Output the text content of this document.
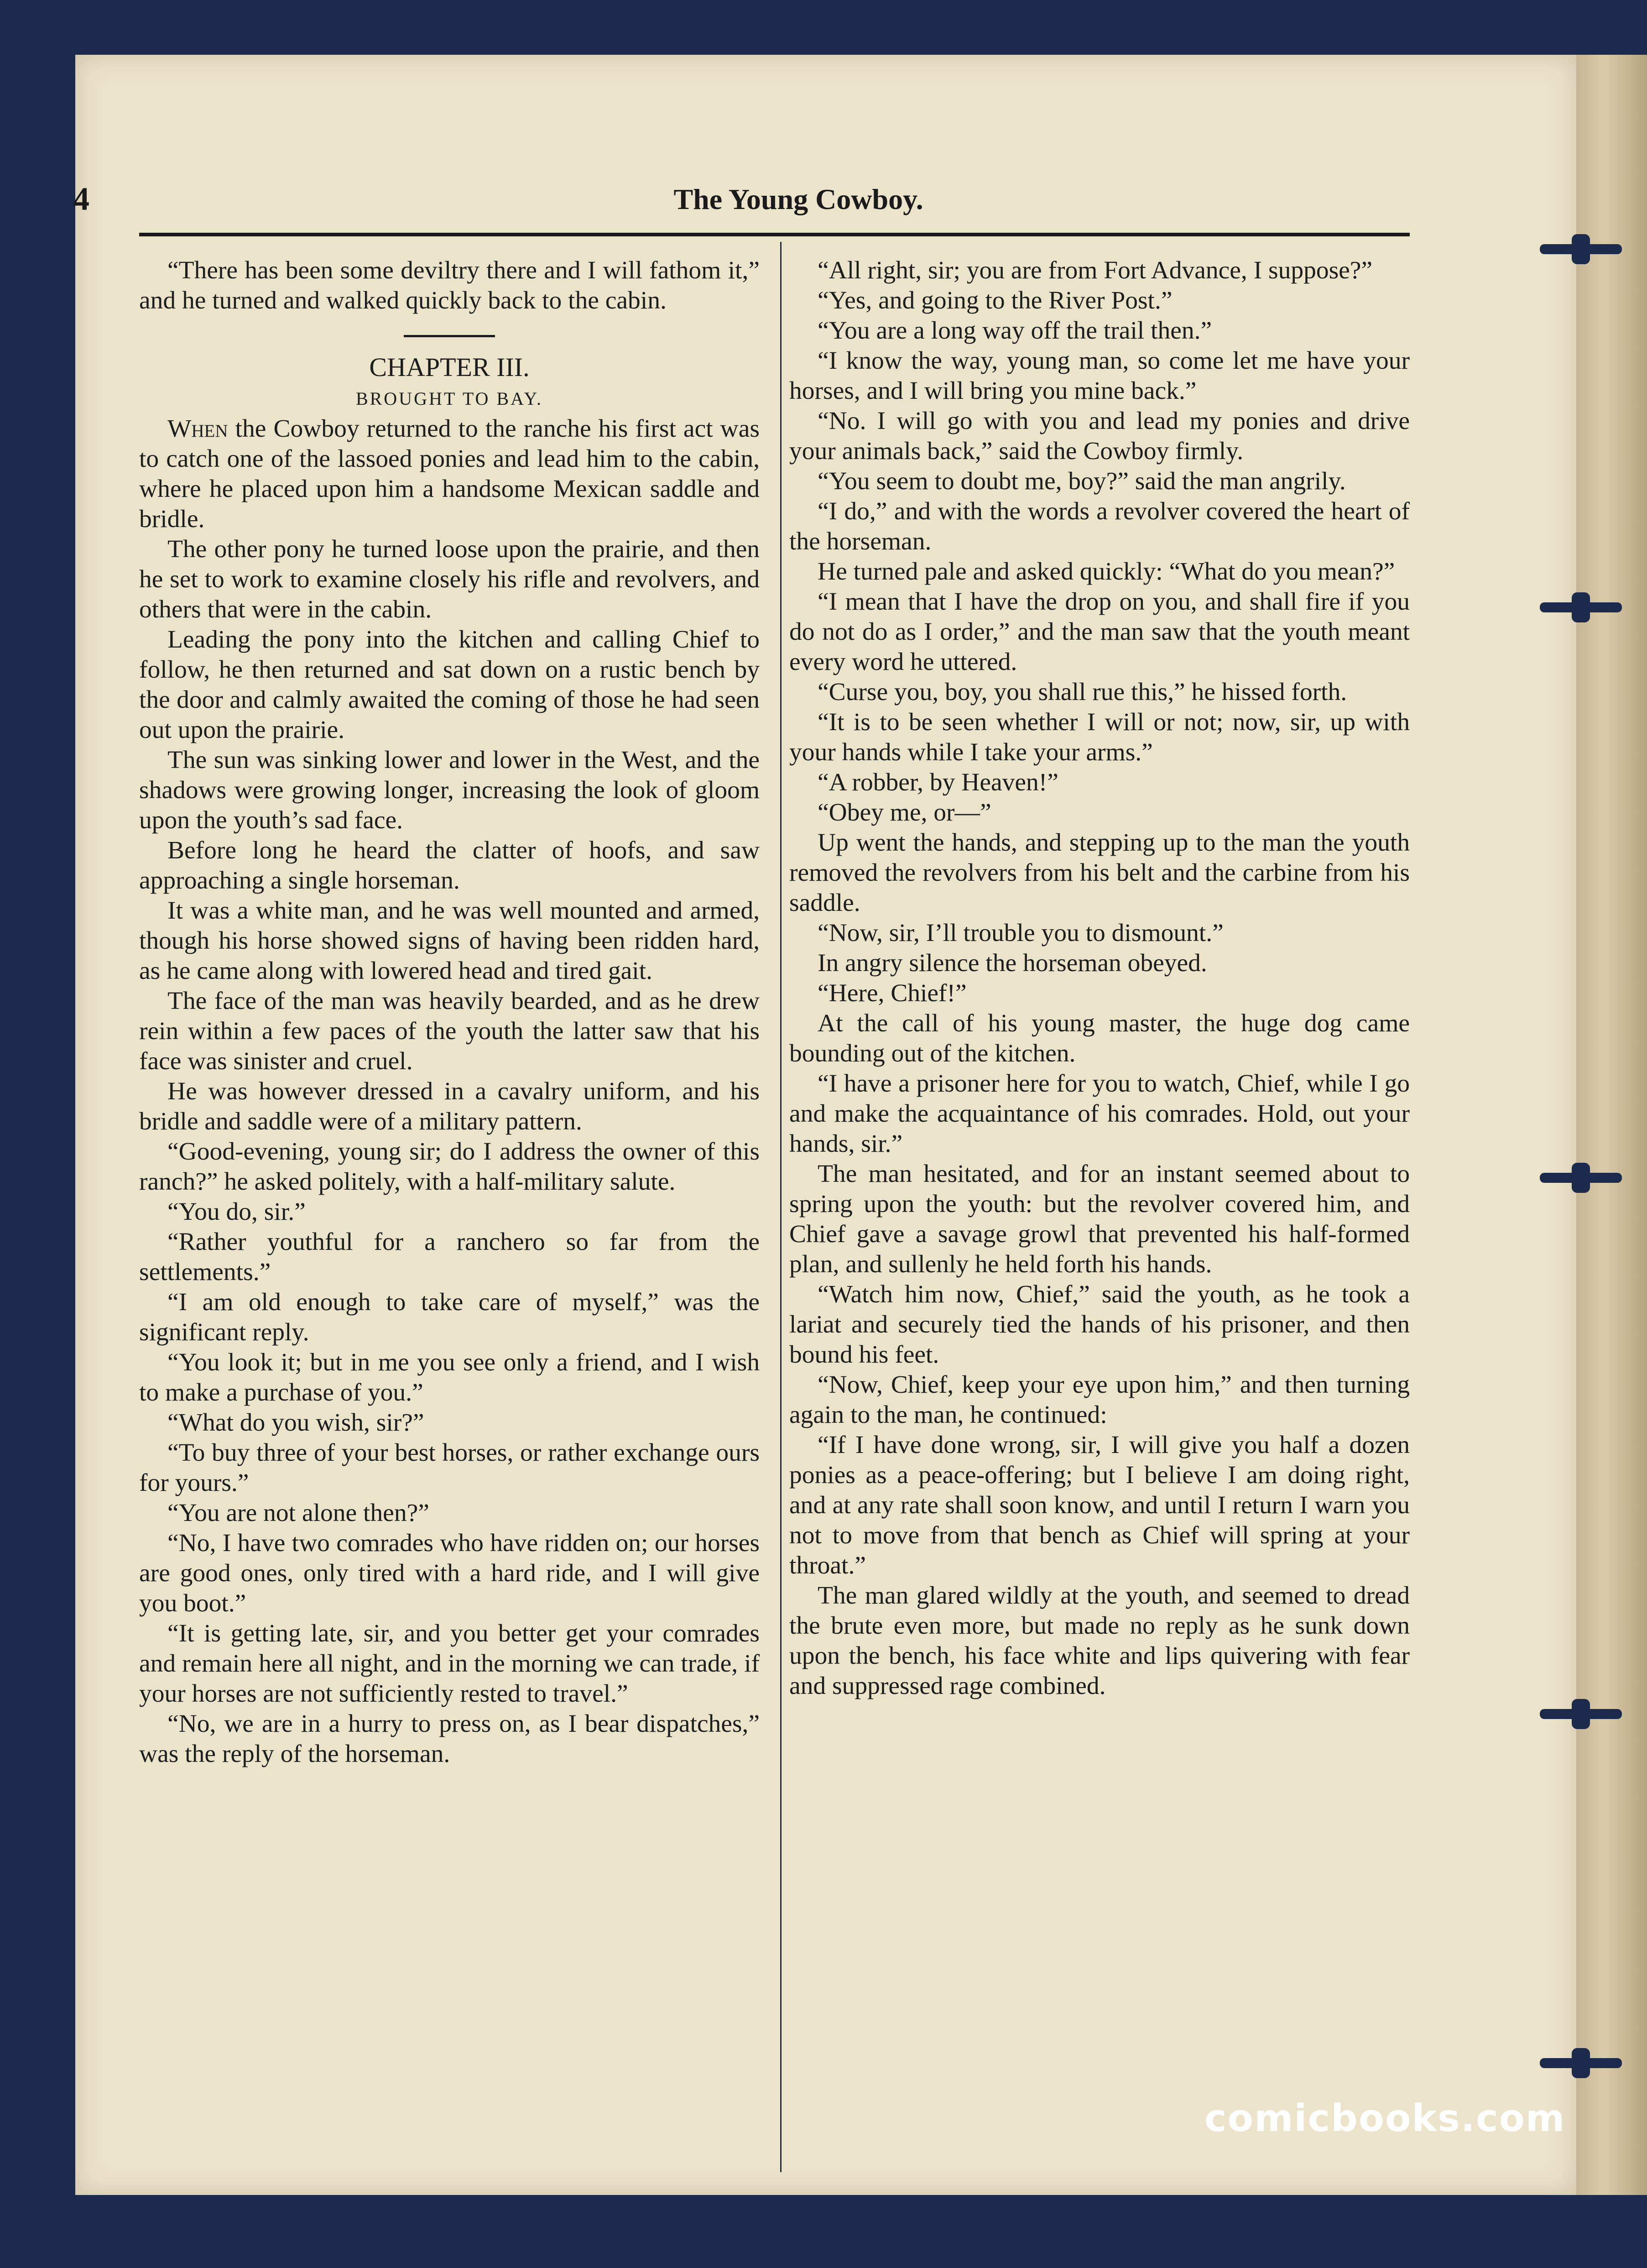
4	The Young Cowboy.

“There has been some deviltry there and I will fathom it,” and he turned and walked quickly back to the cabin.

CHAPTER III.

BROUGHT TO BAY.

When the Cowboy returned to the ranche his first act was to catch one of the lassoed ponies and lead him to the cabin, where he placed upon him a handsome Mexican saddle and bridle.

The other pony he turned loose upon the prairie, and then he set to work to examine closely his rifle and revolvers, and others that were in the cabin.

Leading the pony into the kitchen and calling Chief to follow, he then returned and sat down on a rustic bench by the door and calmly awaited the coming of those he had seen out upon the prairie.

The sun was sinking lower and lower in the West, and the shadows were growing longer, increasing the look of gloom upon the youth’s sad face.

Before long he heard the clatter of hoofs, and saw approaching a single horseman.

It was a white man, and he was well mounted and armed, though his horse showed signs of having been ridden hard, as he came along with lowered head and tired gait.

The face of the man was heavily bearded, and as he drew rein within a few paces of the youth the latter saw that his face was sinister and cruel.

He was however dressed in a cavalry uniform, and his bridle and saddle were of a military pattern.

“Good-evening, young sir; do I address the owner of this ranch?” he asked politely, with a half-military salute.

“You do, sir.”

“Rather youthful for a ranchero so far from the settlements.”

“I am old enough to take care of myself,” was the significant reply.

“You look it; but in me you see only a friend, and I wish to make a purchase of you.”

“What do you wish, sir?”

“To buy three of your best horses, or rather exchange ours for yours.”

“You are not alone then?”

“No, I have two comrades who have ridden on; our horses are good ones, only tired with a hard ride, and I will give you boot.”

“It is getting late, sir, and you better get your comrades and remain here all night, and in the morning we can trade, if your horses are not sufficiently rested to travel.”

“No, we are in a hurry to press on, as I bear dispatches,” was the reply of the horseman.

“All right, sir; you are from Fort Advance, I suppose?”

“Yes, and going to the River Post.”

“You are a long way off the trail then.”

“I know the way, young man, so come let me have your horses, and I will bring you mine back.”

“No. I will go with you and lead my ponies and drive your animals back,” said the Cowboy firmly.

“You seem to doubt me, boy?” said the man angrily.

“I do,” and with the words a revolver covered the heart of the horseman.

He turned pale and asked quickly: “What do you mean?”

“I mean that I have the drop on you, and shall fire if you do not do as I order,” and the man saw that the youth meant every word he uttered.

“Curse you, boy, you shall rue this,” he hissed forth.

“It is to be seen whether I will or not; now, sir, up with your hands while I take your arms.”

“A robber, by Heaven!”

“Obey me, or—”

Up went the hands, and stepping up to the man the youth removed the revolvers from his belt and the carbine from his saddle.

“Now, sir, I’ll trouble you to dismount.”

In angry silence the horseman obeyed.

“Here, Chief!”

At the call of his young master, the huge dog came bounding out of the kitchen.

“I have a prisoner here for you to watch, Chief, while I go and make the acquaintance of his comrades. Hold, out your hands, sir.”

The man hesitated, and for an instant seemed about to spring upon the youth: but the revolver covered him, and Chief gave a savage growl that prevented his half-formed plan, and sullenly he held forth his hands.

“Watch him now, Chief,” said the youth, as he took a lariat and securely tied the hands of his prisoner, and then bound his feet.

“Now, Chief, keep your eye upon him,” and then turning again to the man, he continued:

“If I have done wrong, sir, I will give you half a dozen ponies as a peace-offering; but I believe I am doing right, and at any rate shall soon know, and until I return I warn you not to move from that bench as Chief will spring at your throat.”

The man glared wildly at the youth, and seemed to dread the brute even more, but made no reply as he sunk down upon the bench, his face white and lips quivering with fear and suppressed rage combined.

comicbooks.com
